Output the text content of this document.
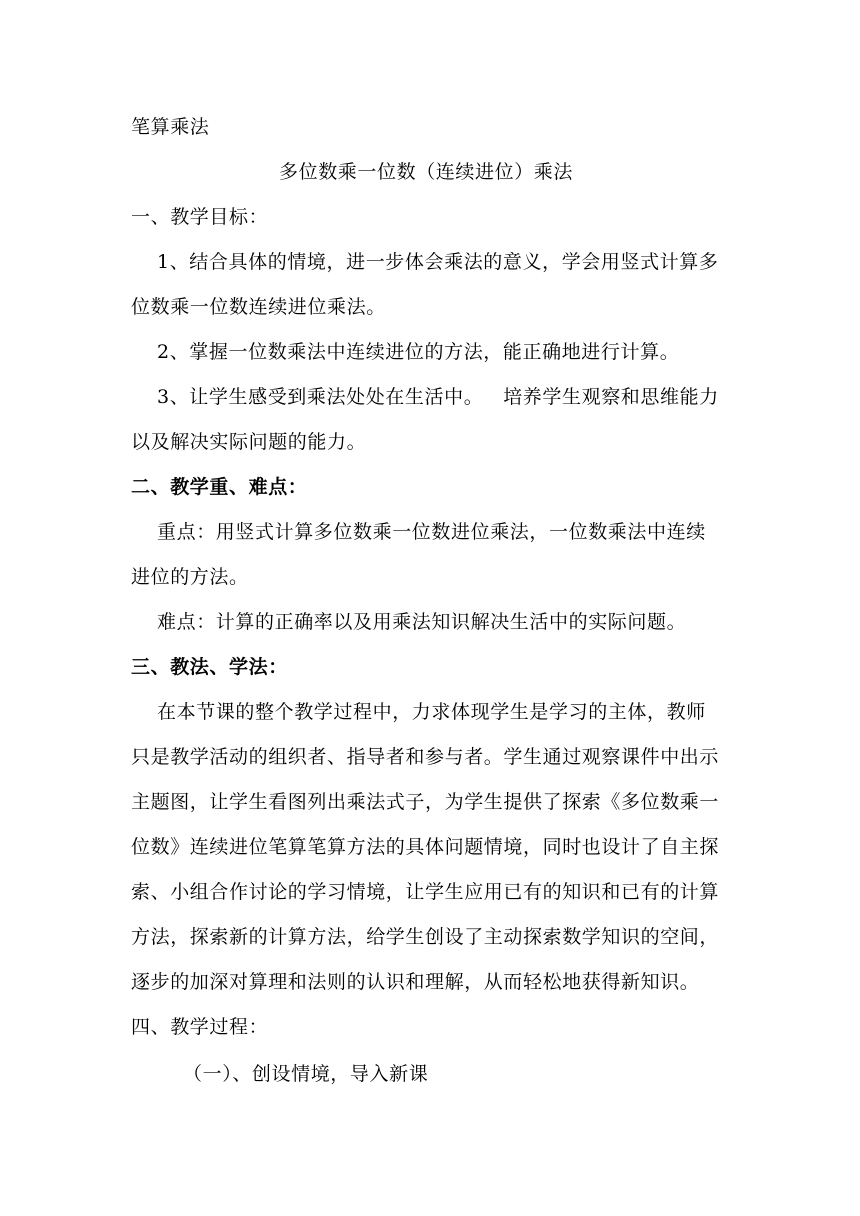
笔算乘法
多位数乘一位数（连续进位）乘法
一、教学目标：
1、结合具体的情境，进一步体会乘法的意义，学会用竖式计算多
位数乘一位数连续进位乘法。
2、掌握一位数乘法中连续进位的方法，能正确地进行计算。
3、让学生感受到乘法处处在生活中。   培养学生观察和思维能力
以及解决实际问题的能力。
二、教学重、难点：
重点：用竖式计算多位数乘一位数进位乘法，一位数乘法中连续
进位的方法。
难点：计算的正确率以及用乘法知识解决生活中的实际问题。
三、教法、学法：
在本节课的整个教学过程中，力求体现学生是学习的主体，教师
只是教学活动的组织者、指导者和参与者。学生通过观察课件中出示
主题图，让学生看图列出乘法式子，为学生提供了探索《多位数乘一
位数》连续进位笔算笔算方法的具体问题情境，同时也设计了自主探
索、小组合作讨论的学习情境，让学生应用已有的知识和已有的计算
方法，探索新的计算方法，给学生创设了主动探索数学知识的空间，
逐步的加深对算理和法则的认识和理解，从而轻松地获得新知识。
四、教学过程：
（一）、创设情境，导入新课
